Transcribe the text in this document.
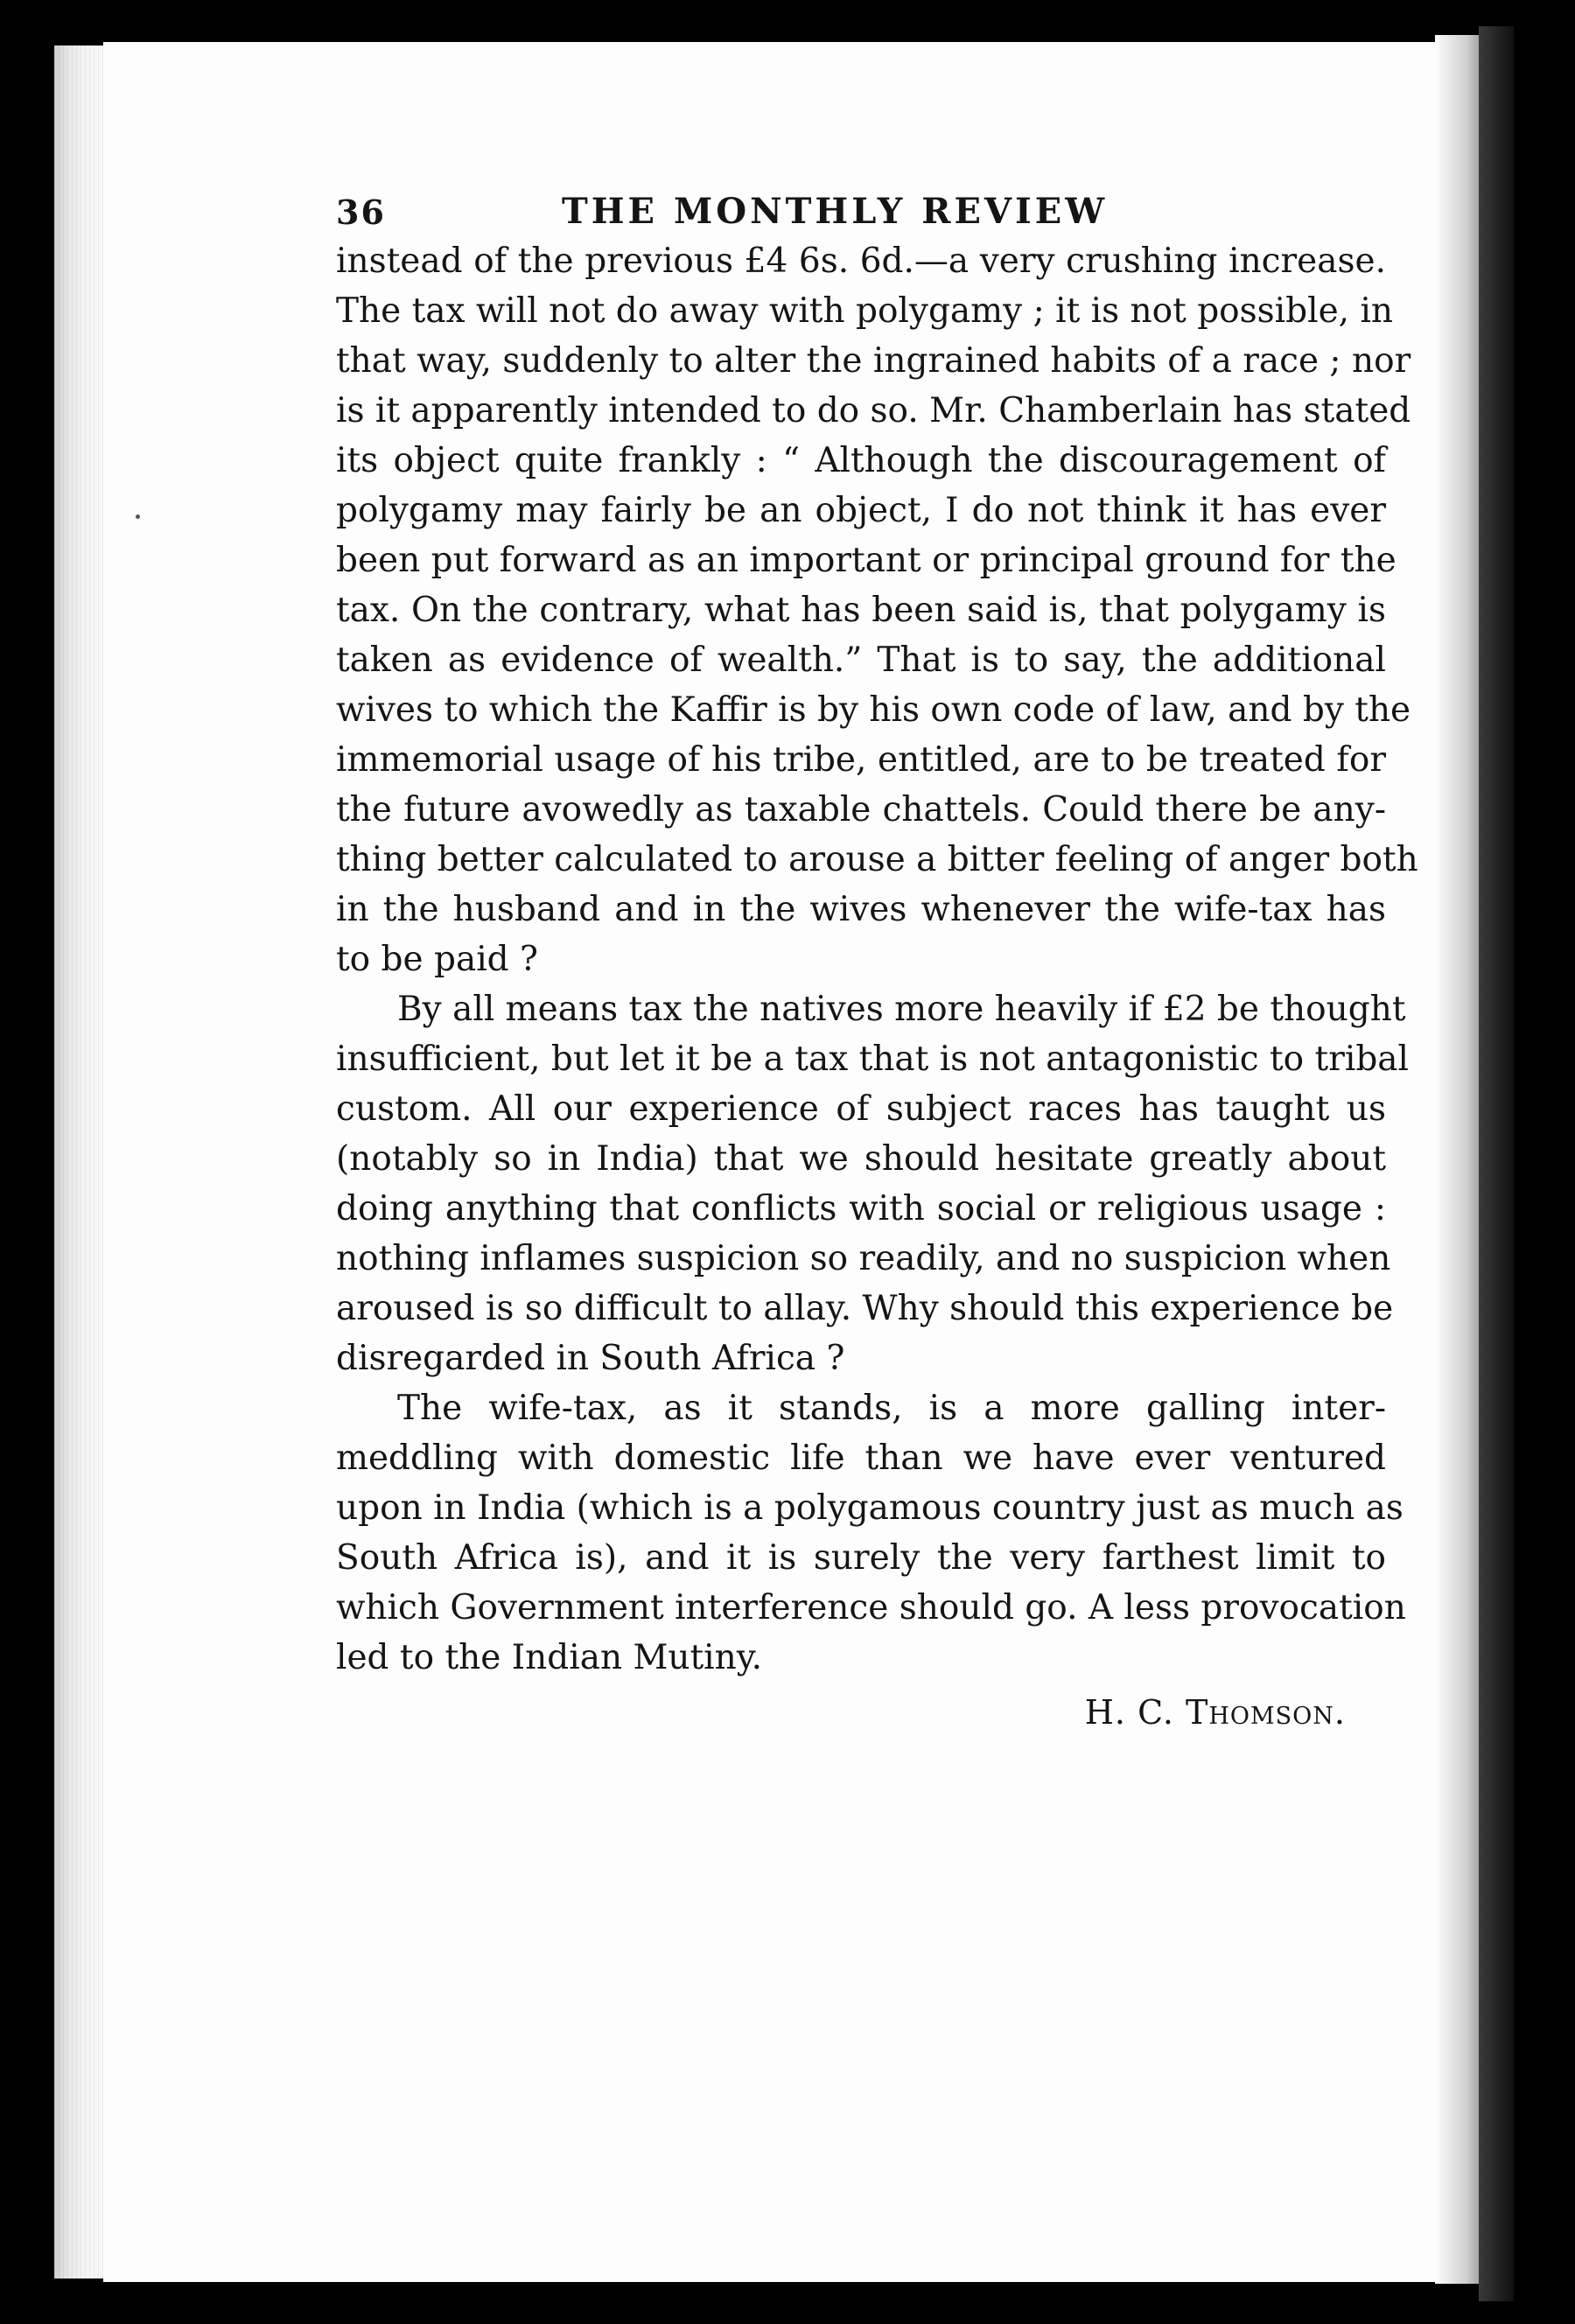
36	THE MONTHLY REVIEW
instead of the previous £4 6s. 6d.—a very crushing increase.
The tax will not do away with polygamy ; it is not possible, in
that way, suddenly to alter the ingrained habits of a race ; nor
is it apparently intended to do so. Mr. Chamberlain has stated
its object quite frankly : “ Although the discouragement of
polygamy may fairly be an object, I do not think it has ever
been put forward as an important or principal ground for the
tax. On the contrary, what has been said is, that polygamy is
taken as evidence of wealth.” That is to say, the additional
wives to which the Kaffir is by his own code of law, and by the
immemorial usage of his tribe, entitled, are to be treated for
the future avowedly as taxable chattels. Could there be any-
thing better calculated to arouse a bitter feeling of anger both
in the husband and in the wives whenever the wife-tax has
to be paid ?
By all means tax the natives more heavily if £2 be thought
insufficient, but let it be a tax that is not antagonistic to tribal
custom. All our experience of subject races has taught us
(notably so in India) that we should hesitate greatly about
doing anything that conflicts with social or religious usage :
nothing inflames suspicion so readily, and no suspicion when
aroused is so difficult to allay. Why should this experience be
disregarded in South Africa ?
The wife-tax, as it stands, is a more galling inter-
meddling with domestic life than we have ever ventured
upon in India (which is a polygamous country just as much as
South Africa is), and it is surely the very farthest limit to
which Government interference should go. A less provocation
led to the Indian Mutiny.
H. C. Thomson.
